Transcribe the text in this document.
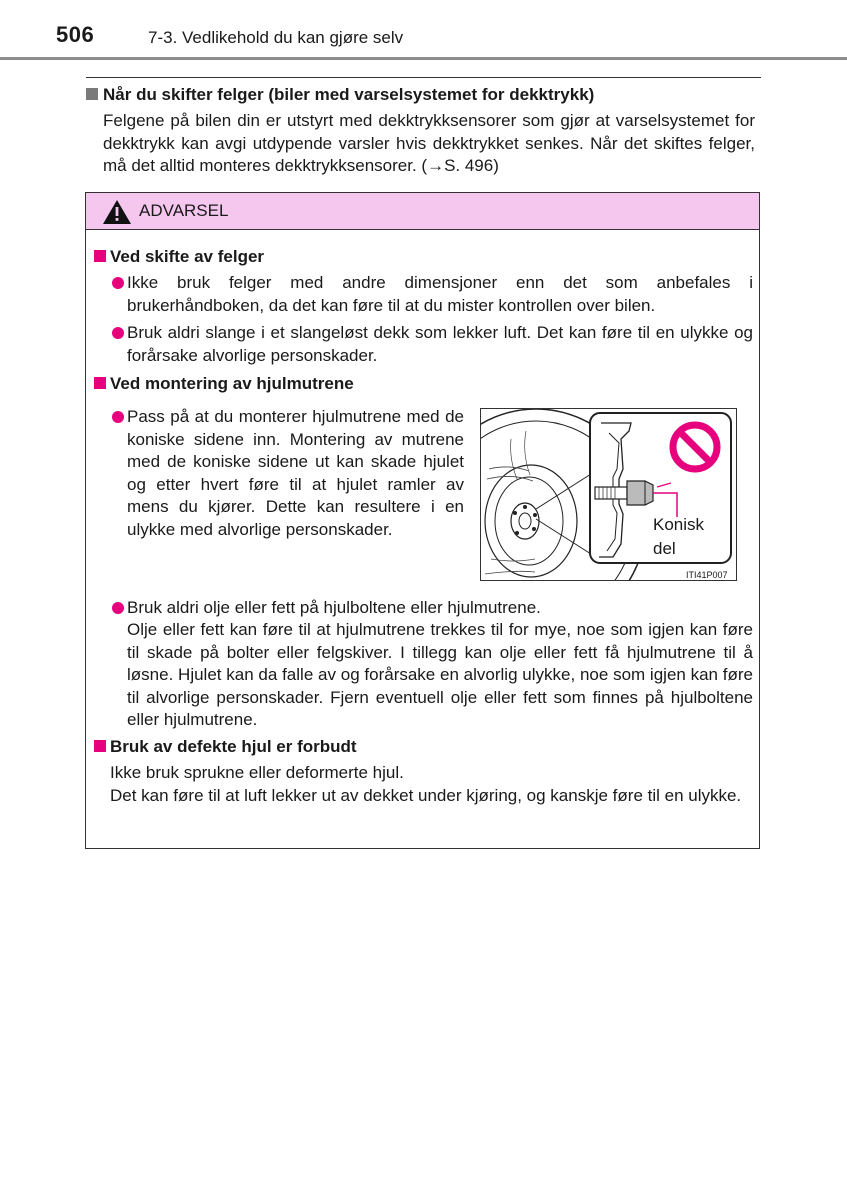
506	7-3. Vedlikehold du kan gjøre selv
Når du skifter felger (biler med varselsystemet for dekktrykk)
Felgene på bilen din er utstyrt med dekktrykksensorer som gjør at varselsystemet for dekktrykk kan avgi utdypende varsler hvis dekktrykket senkes. Når det skiftes felger, må det alltid monteres dekktrykksensorer. (→S. 496)
ADVARSEL
Ved skifte av felger
Ikke bruk felger med andre dimensjoner enn det som anbefales i brukerhåndboken, da det kan føre til at du mister kontrollen over bilen.
Bruk aldri slange i et slangeløst dekk som lekker luft. Det kan føre til en ulykke og forårsake alvorlige personskader.
Ved montering av hjulmutrene
Pass på at du monterer hjulmutrene med de koniske sidene inn. Montering av mutrene med de koniske sidene ut kan skade hjulet og etter hvert føre til at hjulet ramler av mens du kjører. Dette kan resultere i en ulykke med alvorlige personskader.
Bruk aldri olje eller fett på hjulboltene eller hjulmutrene.
Olje eller fett kan føre til at hjulmutrene trekkes til for mye, noe som igjen kan føre til skade på bolter eller felgskiver. I tillegg kan olje eller fett få hjulmutrene til å løsne. Hjulet kan da falle av og forårsake en alvorlig ulykke, noe som igjen kan føre til alvorlige personskader. Fjern eventuell olje eller fett som finnes på hjulboltene eller hjulmutrene.
Bruk av defekte hjul er forbudt
Ikke bruk sprukne eller deformerte hjul.
Det kan føre til at luft lekker ut av dekket under kjøring, og kanskje føre til en ulykke.
Konisk
del
ITI41P007
